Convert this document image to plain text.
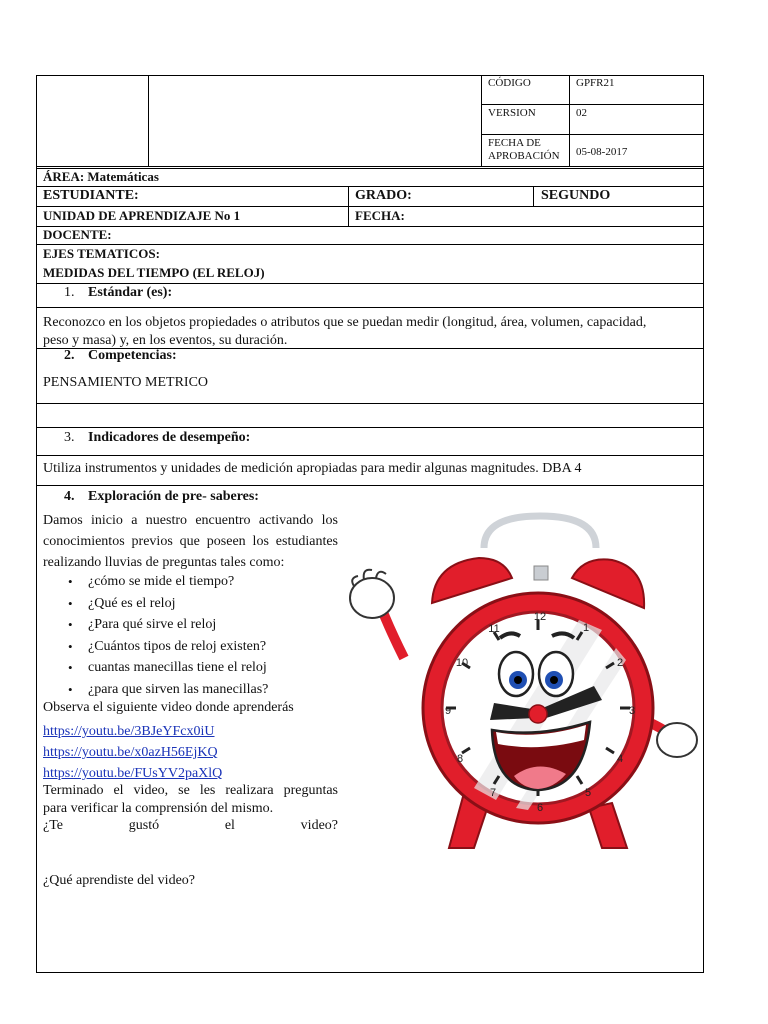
CÓDIGO	GPFR21
VERSION	02
FECHA DE
APROBACIÓN 05-08-2017
ÁREA: Matemáticas
ESTUDIANTE:	GRADO:	SEGUNDO
UNIDAD DE APRENDIZAJE No 1	FECHA:
DOCENTE:
EJES TEMATICOS:
MEDIDAS DEL TIEMPO (EL RELOJ)
1. Estándar (es):
Reconozco en los objetos propiedades o atributos que se puedan medir (longitud, área, volumen, capacidad,
peso y masa) y, en los eventos, su duración.
2. Competencias:
PENSAMIENTO METRICO
3. Indicadores de desempeño:
Utiliza instrumentos y unidades de medición apropiadas para medir algunas magnitudes. DBA 4
4. Exploración de pre- saberes:
Damos inicio a nuestro encuentro activando los
conocimientos previos que poseen los estudiantes
realizando lluvias de preguntas tales como:
• ¿cómo se mide el tiempo?
• ¿Qué es el reloj
• ¿Para qué sirve el reloj
• ¿Cuántos tipos de reloj existen?
• cuantas manecillas tiene el reloj
• ¿para que sirven las manecillas?
Observa el siguiente video donde aprenderás
https://youtu.be/3BJeYFcx0iU
https://youtu.be/x0azH56EjKQ
https://youtu.be/FUsYV2paXlQ
Terminado el video, se les realizara preguntas
para verificar la comprensión del mismo.
¿Te gustó el video?
¿Qué aprendiste del video?
12
1
2
3
4
5
6
7
8
9
10
11
